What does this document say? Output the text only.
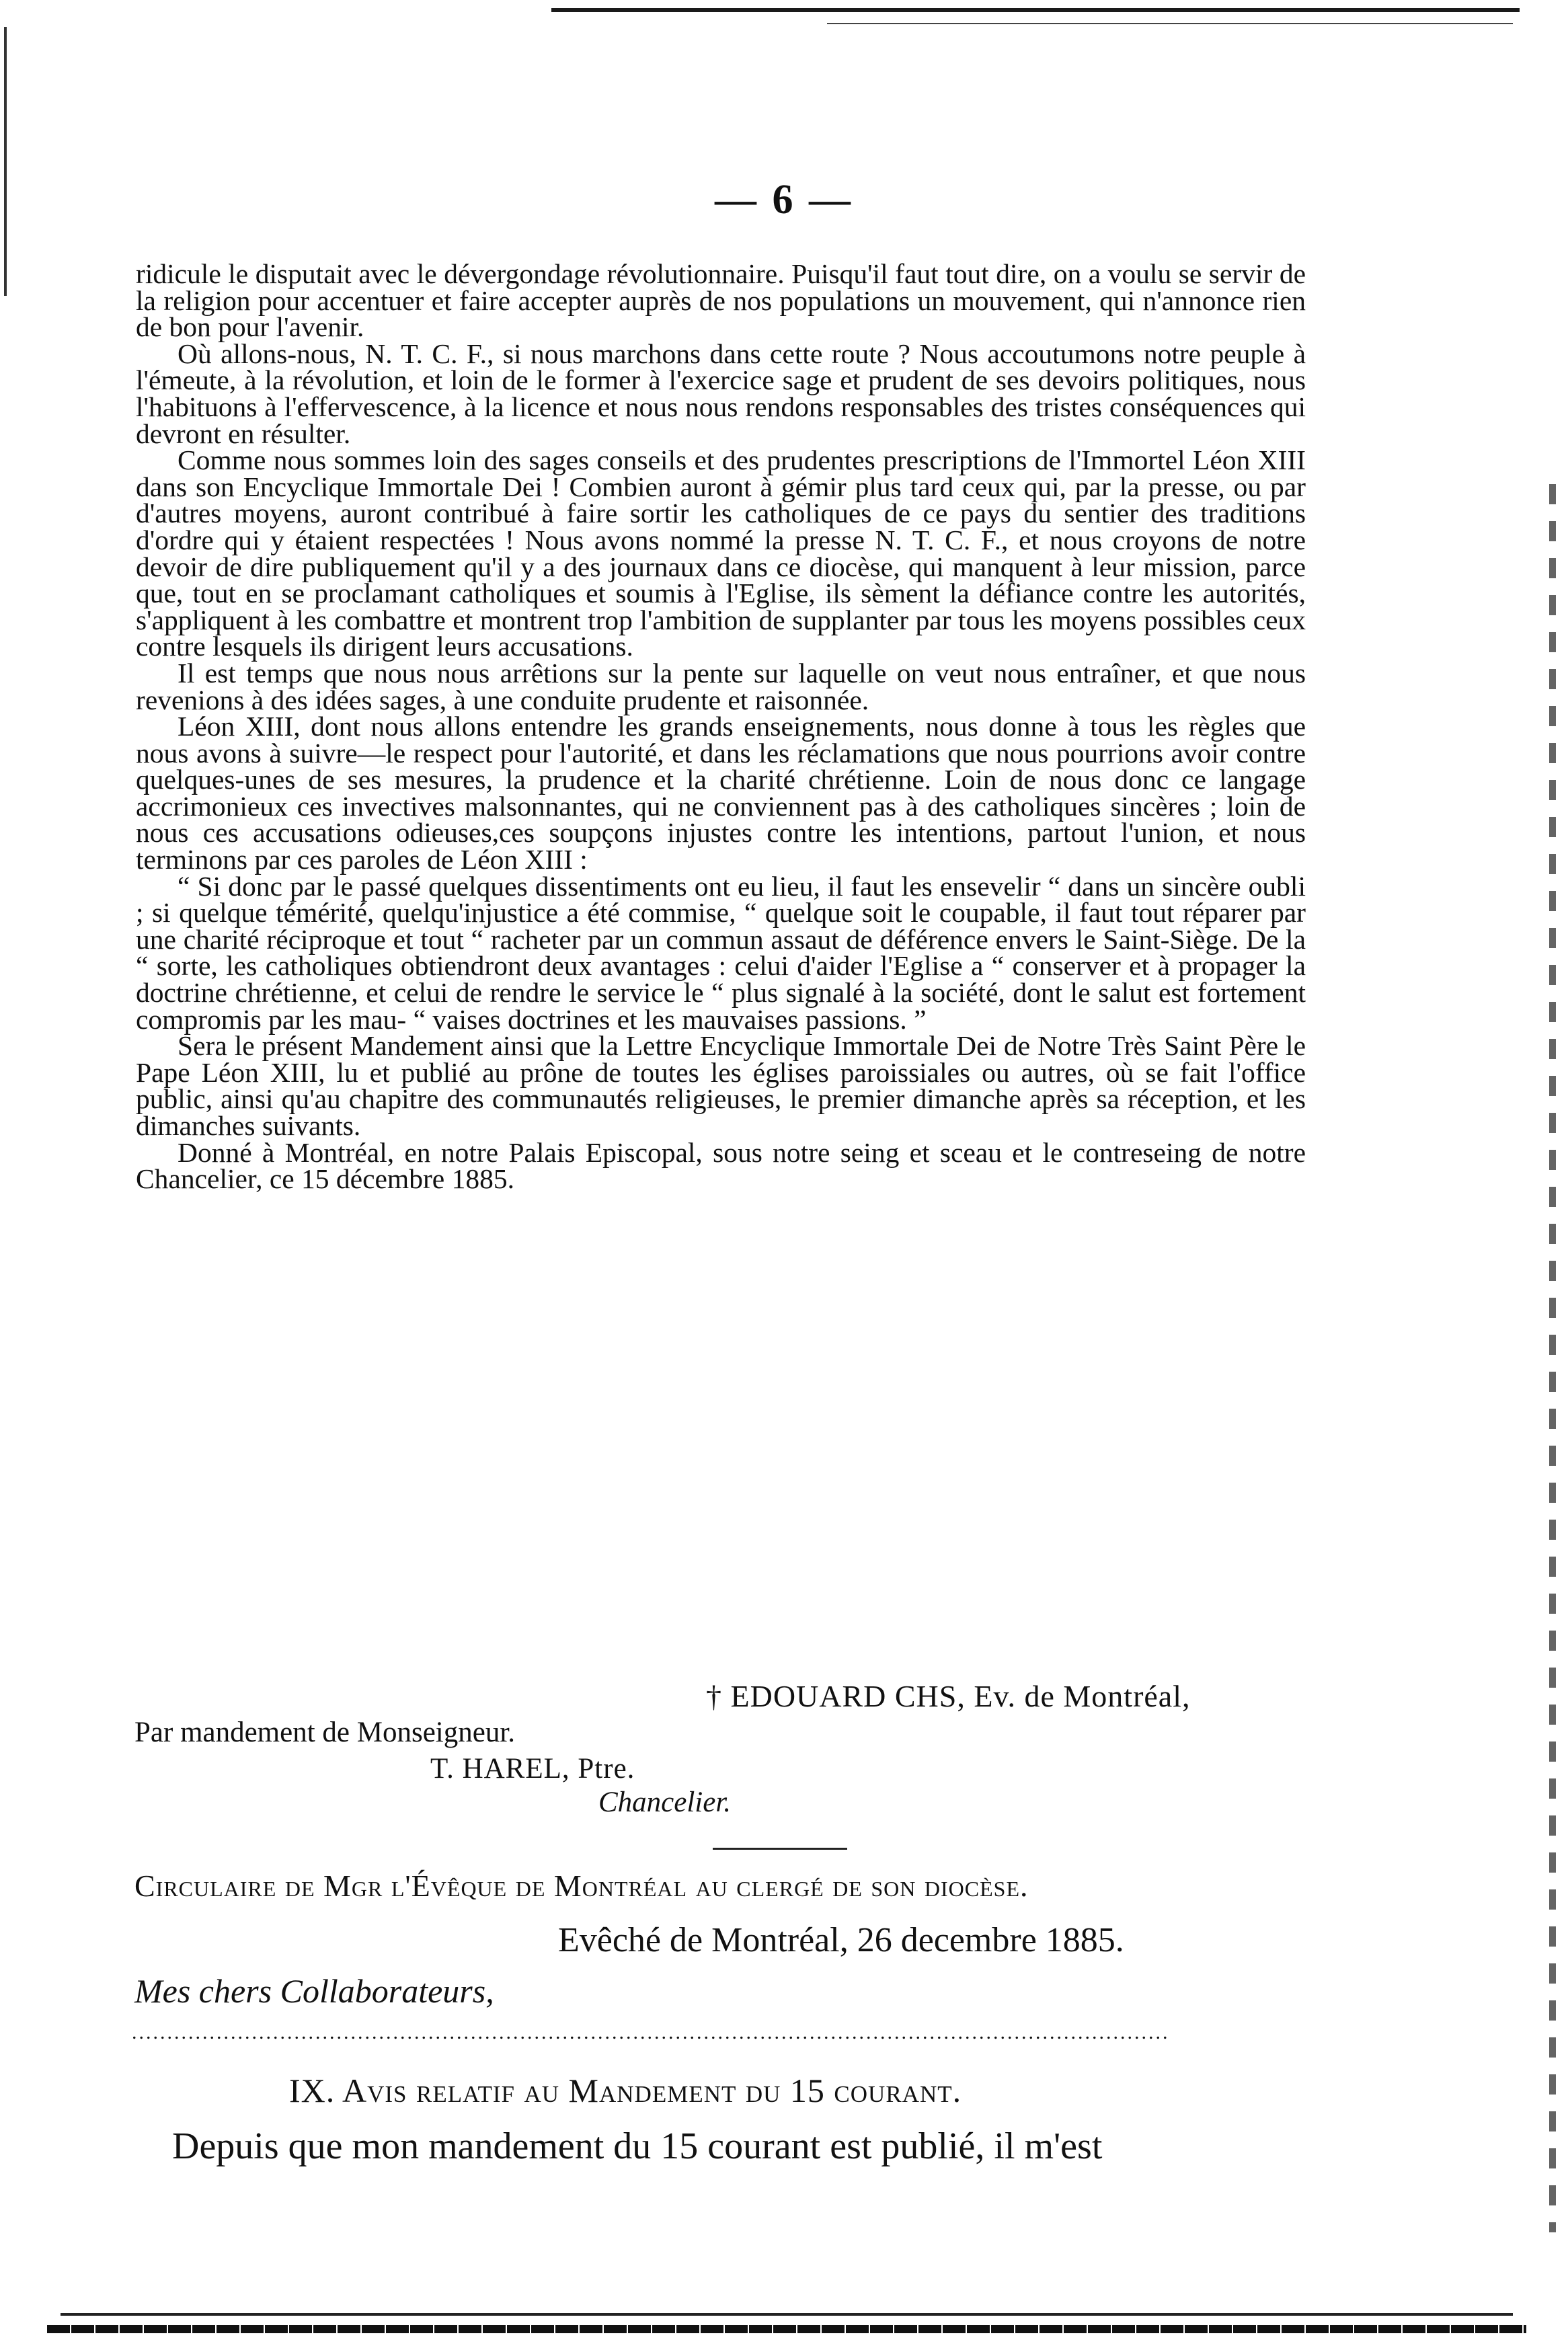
— 6 —

ridicule le disputait avec le dévergondage révolutionnaire. Puisqu'il faut tout dire, on a voulu se servir de la religion pour accentuer et faire accepter auprès de nos populations un mouvement, qui n'annonce rien de bon pour l'avenir.

Où allons-nous, N. T. C. F., si nous marchons dans cette route ? Nous accoutumons notre peuple à l'émeute, à la révolution, et loin de le former à l'exercice sage et prudent de ses devoirs politiques, nous l'habituons à l'effervescence, à la licence et nous nous rendons responsables des tristes conséquences qui devront en résulter.

Comme nous sommes loin des sages conseils et des prudentes prescriptions de l'Immortel Léon XIII dans son Encyclique Immortale Dei ! Combien auront à gémir plus tard ceux qui, par la presse, ou par d'autres moyens, auront contribué à faire sortir les catholiques de ce pays du sentier des traditions d'ordre qui y étaient respectées ! Nous avons nommé la presse N. T. C. F., et nous croyons de notre devoir de dire publiquement qu'il y a des journaux dans ce diocèse, qui manquent à leur mission, parce que, tout en se proclamant catholiques et soumis à l'Eglise, ils sèment la défiance contre les autorités, s'appliquent à les combattre et montrent trop l'ambition de supplanter par tous les moyens possibles ceux contre lesquels ils dirigent leurs accusations.

Il est temps que nous nous arrêtions sur la pente sur laquelle on veut nous entraîner, et que nous revenions à des idées sages, à une conduite prudente et raisonnée.

Léon XIII, dont nous allons entendre les grands enseignements, nous donne à tous les règles que nous avons à suivre—le respect pour l'autorité, et dans les réclamations que nous pourrions avoir contre quelques-unes de ses mesures, la prudence et la charité chrétienne. Loin de nous donc ce langage accrimonieux ces invectives malsonnantes, qui ne conviennent pas à des catholiques sincères ; loin de nous ces accusations odieuses,ces soupçons injustes contre les intentions, partout l'union, et nous terminons par ces paroles de Léon XIII :

“ Si donc par le passé quelques dissentiments ont eu lieu, il faut les ensevelir “ dans un sincère oubli ; si quelque témérité, quelqu'injustice a été commise, “ quelque soit le coupable, il faut tout réparer par une charité réciproque et tout “ racheter par un commun assaut de déférence envers le Saint-Siège. De la “ sorte, les catholiques obtiendront deux avantages : celui d'aider l'Eglise a “ conserver et à propager la doctrine chrétienne, et celui de rendre le service le “ plus signalé à la société, dont le salut est fortement compromis par les mau- “ vaises doctrines et les mauvaises passions. ”

Sera le présent Mandement ainsi que la Lettre Encyclique Immortale Dei de Notre Très Saint Père le Pape Léon XIII, lu et publié au prône de toutes les églises paroissiales ou autres, où se fait l'office public, ainsi qu'au chapitre des communautés religieuses, le premier dimanche après sa réception, et les dimanches suivants.

Donné à Montréal, en notre Palais Episcopal, sous notre seing et sceau et le contreseing de notre Chancelier, ce 15 décembre 1885.

† EDOUARD CHS, Ev. de Montréal,
Par mandement de Monseigneur.
T. HAREL, Ptre.
Chancelier.
Circulaire de Mgr l'Évêque de Montréal au clergé de son diocèse.
Evêché de Montréal, 26 decembre 1885.
Mes chers Collaborateurs,
...................................................................................................................................................
IX. Avis relatif au Mandement du 15 courant.
Depuis que mon mandement du 15 courant est publié, il m'est
